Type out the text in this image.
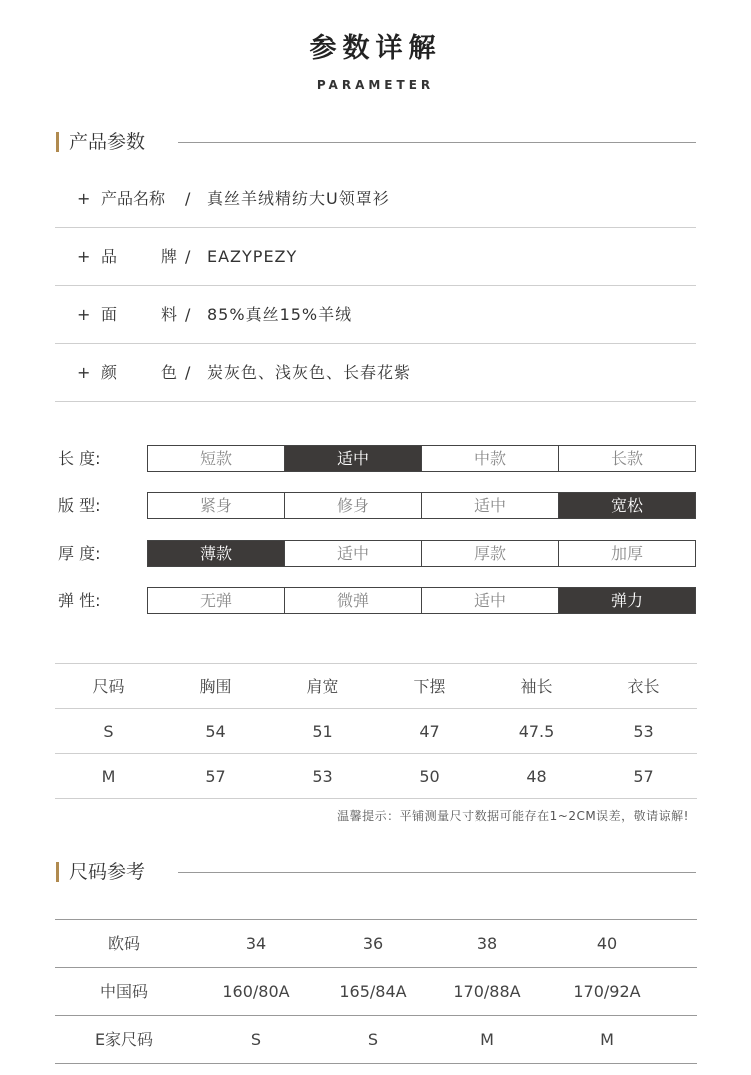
参数详解
PARAMETER
产品参数
+ 产品名称 / 真丝羊绒精纺大U领罩衫
+ 品	牌 / EAZYPEZY
+ 面	料 / 85%真丝15%羊绒
+ 颜	色 / 炭灰色、浅灰色、长春花紫
长 度:	短款	适中	中款	长款
版 型:	紧身	修身	适中	宽松
厚 度:	薄款	适中	厚款	加厚
弹 性:	无弹	微弹	适中	弹力
尺码	胸围	肩宽	下摆	袖长	衣长
S	54	51	47	47.5	53
M	57	53	50	48	57
温馨提示：平铺测量尺寸数据可能存在1~2CM误差，敬请谅解!
尺码参考
欧码	34	36	38	40
中国码	160/80A	165/84A	170/88A	170/92A
E家尺码	S	S	M	M
